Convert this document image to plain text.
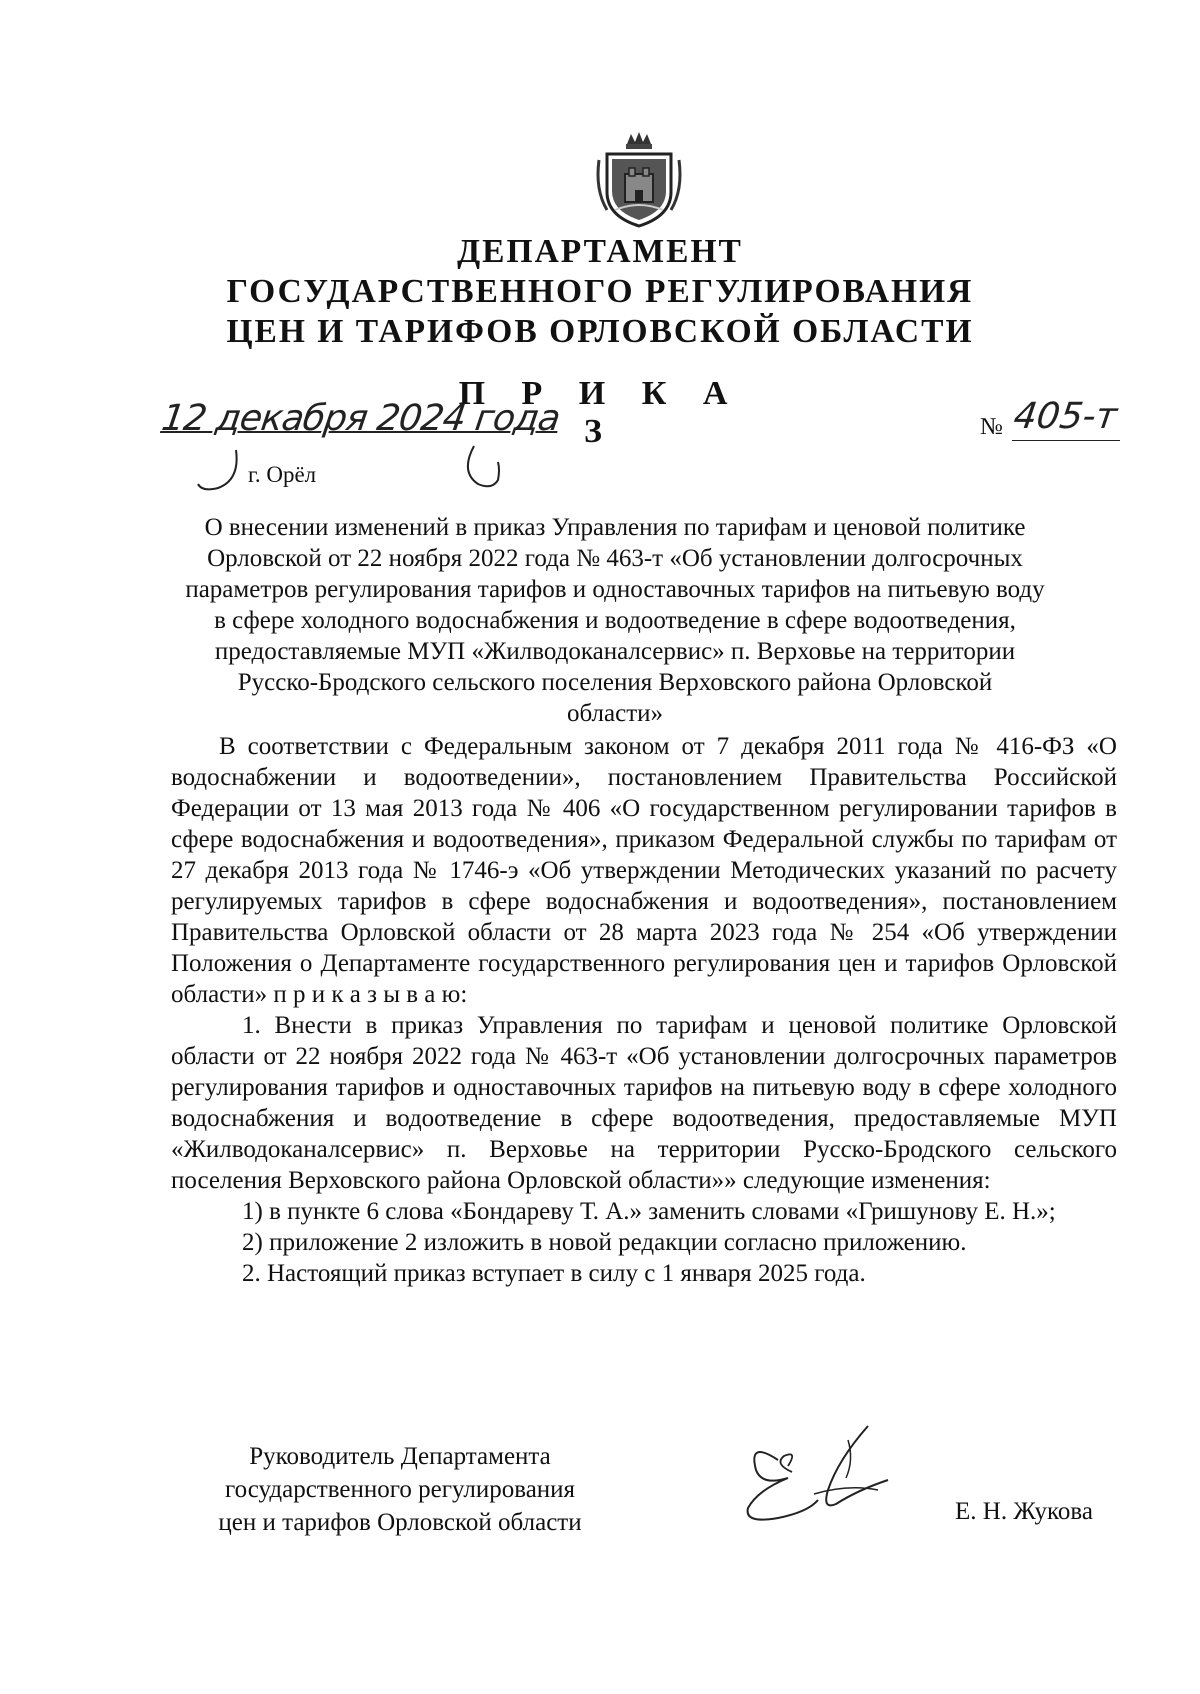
ДЕПАРТАМЕНТ
ГОСУДАРСТВЕННОГО РЕГУЛИРОВАНИЯ
ЦЕН И ТАРИФОВ ОРЛОВСКОЙ ОБЛАСТИ
П Р И К А З
12 декабря 2024 года
г. Орёл
№ 405-т
О внесении изменений в приказ Управления по тарифам и ценовой политике
Орловской от 22 ноября 2022 года № 463-т «Об установлении долгосрочных
параметров регулирования тарифов и одноставочных тарифов на питьевую воду
в сфере холодного водоснабжения и водоотведение в сфере водоотведения,
предоставляемые МУП «Жилводоканалсервис» п. Верховье на территории
Русско-Бродского сельского поселения Верховского района Орловской
области»

В соответствии с Федеральным законом от 7 декабря 2011 года № 416-ФЗ «О водоснабжении и водоотведении», постановлением Правительства Российской Федерации от 13 мая 2013 года № 406 «О государственном регулировании тарифов в сфере водоснабжения и водоотведения», приказом Федеральной службы по тарифам от 27 декабря 2013 года № 1746-э «Об утверждении Методических указаний по расчету регулируемых тарифов в сфере водоснабжения и водоотведения», постановлением Правительства Орловской области от 28 марта 2023 года № 254 «Об утверждении Положения о Департаменте государственного регулирования цен и тарифов Орловской области» п р и к а з ы в а ю:

1. Внести в приказ Управления по тарифам и ценовой политике Орловской области от 22 ноября 2022 года № 463-т «Об установлении долгосрочных параметров регулирования тарифов и одноставочных тарифов на питьевую воду в сфере холодного водоснабжения и водоотведение в сфере водоотведения, предоставляемые МУП «Жилводоканалсервис» п. Верховье на территории Русско-Бродского сельского поселения Верховского района Орловской области»» следующие изменения:

1) в пункте 6 слова «Бондареву Т. А.» заменить словами «Гришунову Е. Н.»;

2) приложение 2 изложить в новой редакции согласно приложению.

2. Настоящий приказ вступает в силу с 1 января 2025 года.

Руководитель Департамента
государственного регулирования
цен и тарифов Орловской области	Е. Н. Жукова
